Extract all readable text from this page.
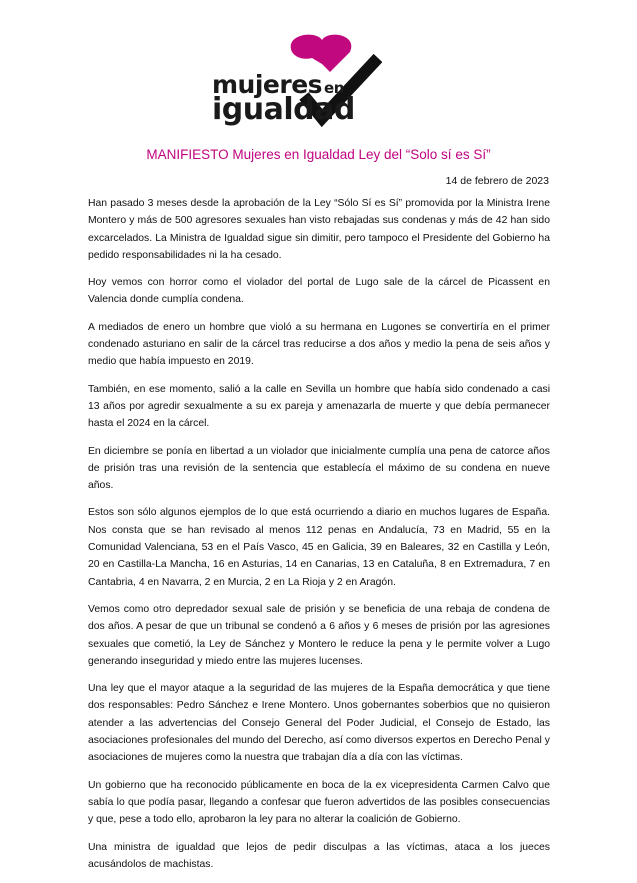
mujeres en
igualdad
MANIFIESTO Mujeres en Igualdad Ley del “Solo sí es Sí”
14 de febrero de 2023

Han pasado 3 meses desde la aprobación de la Ley “Sólo Sí es Sí” promovida por la Ministra Irene Montero y más de 500 agresores sexuales han visto rebajadas sus condenas y más de 42 han sido excarcelados. La Ministra de Igualdad sigue sin dimitir, pero tampoco el Presidente del Gobierno ha pedido responsabilidades ni la ha cesado.

Hoy vemos con horror como el violador del portal de Lugo sale de la cárcel de Picassent en Valencia donde cumplía condena.

A mediados de enero un hombre que violó a su hermana en Lugones se convertiría en el primer condenado asturiano en salir de la cárcel tras reducirse a dos años y medio la pena de seis años y medio que había impuesto en 2019.

También, en ese momento, salió a la calle en Sevilla un hombre que había sido condenado a casi 13 años por agredir sexualmente a su ex pareja y amenazarla de muerte y que debía permanecer hasta el 2024 en la cárcel.

En diciembre se ponía en libertad a un violador que inicialmente cumplía una pena de catorce años de prisión tras una revisión de la sentencia que establecía el máximo de su condena en nueve años.

Estos son sólo algunos ejemplos de lo que está ocurriendo a diario en muchos lugares de España. Nos consta que se han revisado al menos 112 penas en Andalucía, 73 en Madrid, 55 en la Comunidad Valenciana, 53 en el País Vasco, 45 en Galicia, 39 en Baleares, 32 en Castilla y León, 20 en Castilla-La Mancha, 16 en Asturias, 14 en Canarias, 13 en Cataluña, 8 en Extremadura, 7 en Cantabria, 4 en Navarra, 2 en Murcia, 2 en La Rioja y 2 en Aragón.

Vemos como otro depredador sexual sale de prisión y se beneficia de una rebaja de condena de dos años. A pesar de que un tribunal se condenó a 6 años y 6 meses de prisión por las agresiones sexuales que cometió, la Ley de Sánchez y Montero le reduce la pena y le permite volver a Lugo generando inseguridad y miedo entre las mujeres lucenses.

Una ley que el mayor ataque a la seguridad de las mujeres de la España democrática y que tiene dos responsables: Pedro Sánchez e Irene Montero. Unos gobernantes soberbios que no quisieron atender a las advertencias del Consejo General del Poder Judicial, el Consejo de Estado, las asociaciones profesionales del mundo del Derecho, así como diversos expertos en Derecho Penal y asociaciones de mujeres como la nuestra que trabajan día a día con las víctimas.

Un gobierno que ha reconocido públicamente en boca de la ex vicepresidenta Carmen Calvo que sabía lo que podía pasar, llegando a confesar que fueron advertidos de las posibles consecuencias y que, pese a todo ello, aprobaron la ley para no alterar la coalición de Gobierno.

Una ministra de igualdad que lejos de pedir disculpas a las víctimas, ataca a los jueces acusándolos de machistas.
